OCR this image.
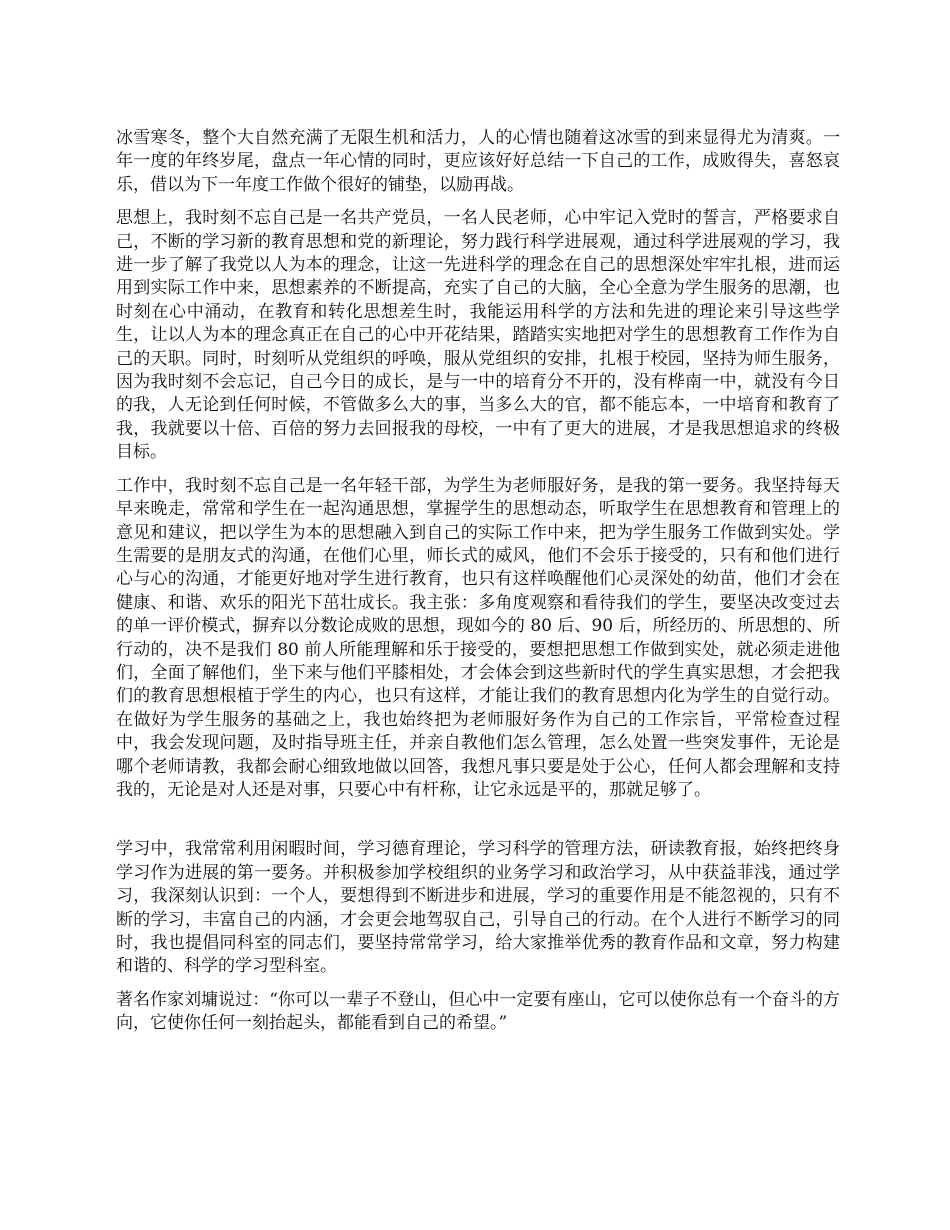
冰雪寒冬，整个大自然充满了无限生机和活力，人的心情也随着这冰雪的到来显得尤为清爽。一年一度的年终岁尾，盘点一年心情的同时，更应该好好总结一下自己的工作，成败得失，喜怒哀乐，借以为下一年度工作做个很好的铺垫，以励再战。

思想上，我时刻不忘自己是一名共产党员，一名人民老师，心中牢记入党时的誓言，严格要求自己，不断的学习新的教育思想和党的新理论，努力践行科学进展观，通过科学进展观的学习，我进一步了解了我党以人为本的理念，让这一先进科学的理念在自己的思想深处牢牢扎根，进而运用到实际工作中来，思想素养的不断提高，充实了自己的大脑，全心全意为学生服务的思潮，也时刻在心中涌动，在教育和转化思想差生时，我能运用科学的方法和先进的理论来引导这些学生，让以人为本的理念真正在自己的心中开花结果，踏踏实实地把对学生的思想教育工作作为自己的天职。同时，时刻听从党组织的呼唤，服从党组织的安排，扎根于校园，坚持为师生服务，因为我时刻不会忘记，自己今日的成长，是与一中的培育分不开的，没有桦南一中，就没有今日的我，人无论到任何时候，不管做多么大的事，当多么大的官，都不能忘本，一中培育和教育了我，我就要以十倍、百倍的努力去回报我的母校，一中有了更大的进展，才是我思想追求的终极目标。

工作中，我时刻不忘自己是一名年轻干部，为学生为老师服好务，是我的第一要务。我坚持每天早来晚走，常常和学生在一起沟通思想，掌握学生的思想动态，听取学生在思想教育和管理上的意见和建议，把以学生为本的思想融入到自己的实际工作中来，把为学生服务工作做到实处。学生需要的是朋友式的沟通，在他们心里，师长式的威风，他们不会乐于接受的，只有和他们进行心与心的沟通，才能更好地对学生进行教育，也只有这样唤醒他们心灵深处的幼苗，他们才会在健康、和谐、欢乐的阳光下茁壮成长。我主张：多角度观察和看待我们的学生，要坚决改变过去的单一评价模式，摒弃以分数论成败的思想，现如今的 80 后、90 后，所经历的、所思想的、所行动的，决不是我们 80 前人所能理解和乐于接受的，要想把思想工作做到实处，就必须走进他们，全面了解他们，坐下来与他们平膝相处，才会体会到这些新时代的学生真实思想，才会把我们的教育思想根植于学生的内心，也只有这样，才能让我们的教育思想内化为学生的自觉行动。在做好为学生服务的基础之上，我也始终把为老师服好务作为自己的工作宗旨，平常检查过程中，我会发现问题，及时指导班主任，并亲自教他们怎么管理，怎么处置一些突发事件，无论是哪个老师请教，我都会耐心细致地做以回答，我想凡事只要是处于公心，任何人都会理解和支持我的，无论是对人还是对事，只要心中有杆称，让它永远是平的，那就足够了。

学习中，我常常利用闲暇时间，学习德育理论，学习科学的管理方法，研读教育报，始终把终身学习作为进展的第一要务。并积极参加学校组织的业务学习和政治学习，从中获益菲浅，通过学习，我深刻认识到：一个人，要想得到不断进步和进展，学习的重要作用是不能忽视的，只有不断的学习，丰富自己的内涵，才会更会地驾驭自己，引导自己的行动。在个人进行不断学习的同时，我也提倡同科室的同志们，要坚持常常学习，给大家推举优秀的教育作品和文章，努力构建和谐的、科学的学习型科室。

著名作家刘墉说过：“你可以一辈子不登山，但心中一定要有座山，它可以使你总有一个奋斗的方向，它使你任何一刻抬起头，都能看到自己的希望。”
